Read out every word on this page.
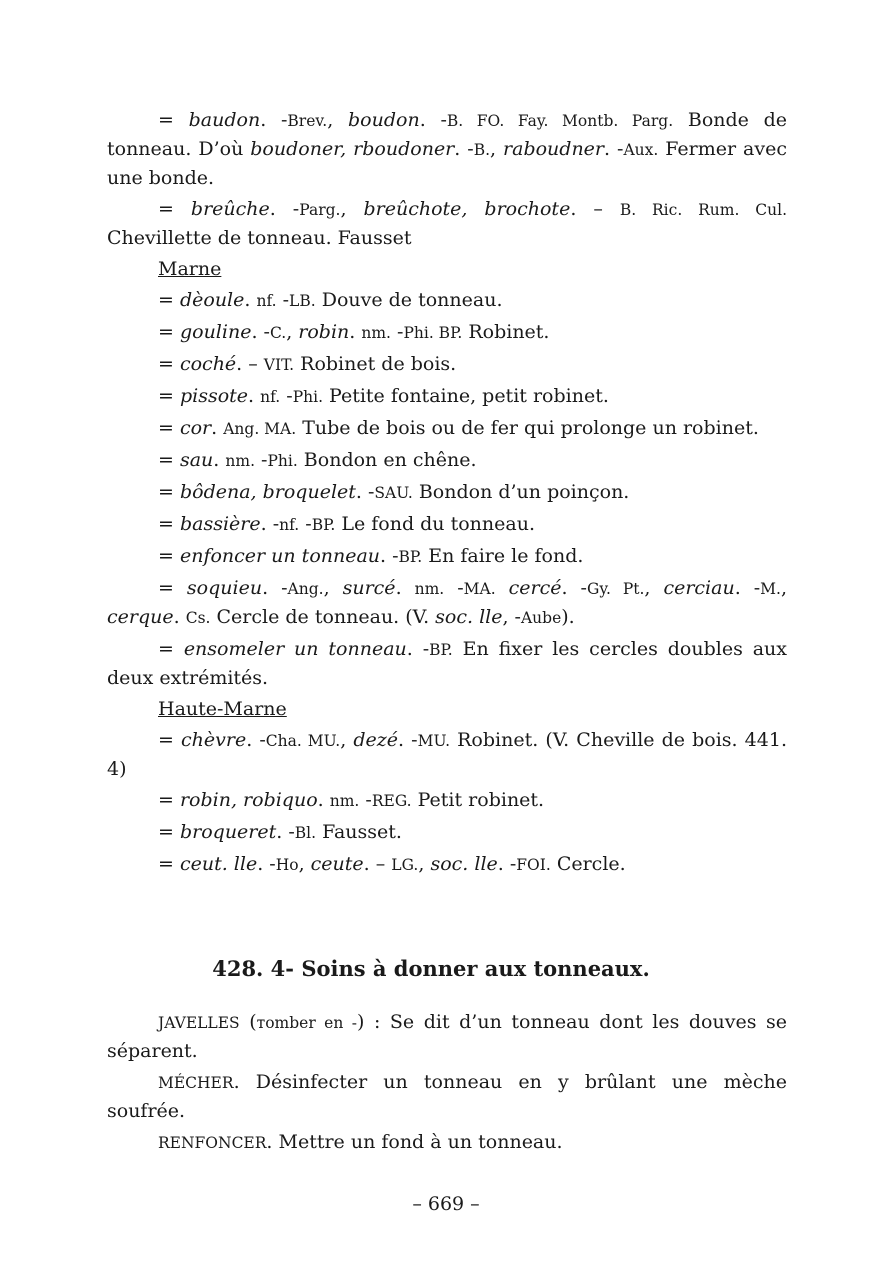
= baudon. -Brev., boudon. -B. FO. Fay. Montb. Parg. Bonde de tonneau. D’où boudoner, rboudoner. -B., raboudner. -Aux. Fermer avec une bonde.

= breûche. -Parg., breûchote, brochote. – B. Ric. Rum. Cul. Chevillette de tonneau. Fausset

Marne

= dèoule. nf. -LB. Douve de tonneau.

= gouline. -C., robin. nm. -Phi. BP. Robinet.

= coché. – VIT. Robinet de bois.

= pissote. nf. -Phi. Petite fontaine, petit robinet.

= cor. Ang. MA. Tube de bois ou de fer qui prolonge un robinet.

= sau. nm. -Phi. Bondon en chêne.

= bôdena, broquelet. -SAU. Bondon d’un poinçon.

= bassière. -nf. -BP. Le fond du tonneau.

= enfoncer un tonneau. -BP. En faire le fond.

= soquieu. -Ang., surcé. nm. -MA. cercé. -Gy. Pt., cerciau. -M., cerque. Cs. Cercle de tonneau. (V. soc. lle, -Aube).

= ensomeler un tonneau. -BP. En fixer les cercles doubles aux deux extrémités.

Haute-Marne

= chèvre. -Cha. MU., dezé. -MU. Robinet. (V. Cheville de bois. 441. 4)

= robin, robiquo. nm. -REG. Petit robinet.

= broqueret. -Bl. Fausset.

= ceut. lle. -Ho, ceute. – LG., soc. lle. -FOI. Cercle.

428. 4- Soins à donner aux tonneaux.

JAVELLES (тomber en -) : Se dit d’un tonneau dont les douves se séparent.

MÉCHER. Désinfecter un tonneau en y brûlant une mèche soufrée.

RENFONCER. Mettre un fond à un tonneau.

– 669 –
